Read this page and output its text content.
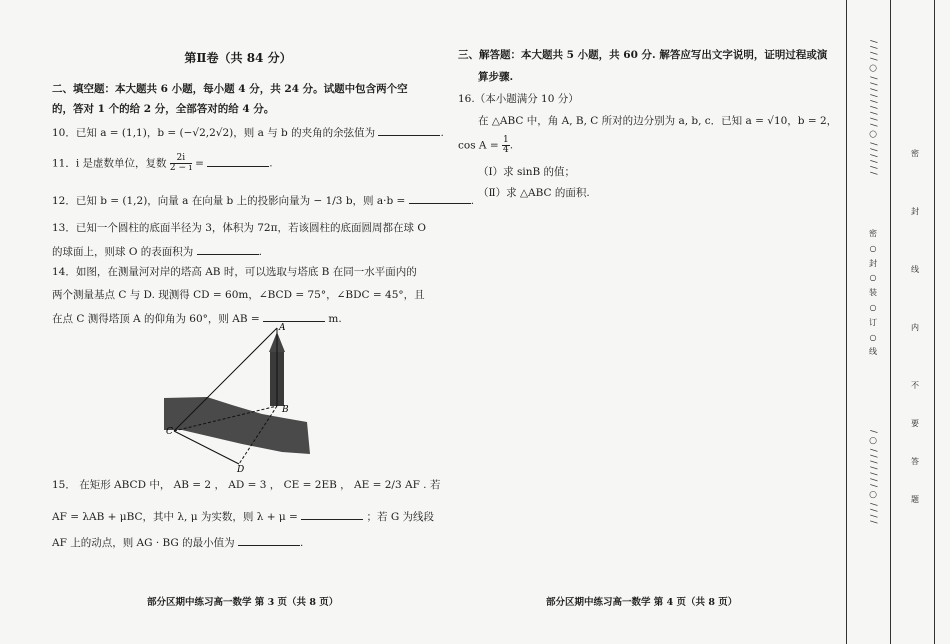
第Ⅱ卷（共 84 分）
二、填空题：本大题共 6 小题，每小题 4 分，共 24 分。试题中包含两个空的，答对 1 个的给 2 分，全部答对的给 4 分。
10．已知 a = (1,1)，b = (−√2,2√2)，则 a 与 b 的夹角的余弦值为	.
11．i 是虚数单位，复数 $\frac{2i}{2 - i}$ =	.
12．已知 b = (1,2)，向量 a 在向量 b 上的投影向量为 − 1/3 b，则 a·b =	.
13．已知一个圆柱的底面半径为 3，体积为 72π，若该圆柱的底面圆周都在球 O
的球面上，则球 O 的表面积为	.
14．如图，在测量河对岸的塔高 AB 时，可以选取与塔底 B 在同一水平面内的
两个测量基点 C 与 D. 现测得 CD = 60m，∠BCD = 75°，∠BDC = 45°，且
在点 C 测得塔顶 A 的仰角为 60°，则 AB =	m.
15． 在矩形 ABCD 中， AB = 2 ， AD = 3 ， CE = 2EB ， AE = 2/3 AF . 若
AF = λAB + μBC，其中 λ, μ 为实数，则 λ + μ =	；若 G 为线段
AF 上的动点，则 AG · BG 的最小值为	.
A
B
C
D
部分区期中练习高一数学 第 3 页（共 8 页）
三、解答题：本大题共 5 小题，共 60 分. 解答应写出文字说明，证明过程或演
算步骤.
16.（本小题满分 10 分）
在 △ABC 中，角 A, B, C 所对的边分别为 a, b, c．已知 a = √10，b = 2，
$\cos A = \frac{1}{4}$ .
（Ⅰ）求 sinB 的值；
（Ⅱ）求 △ABC 的面积.
部分区期中练习高一数学 第 4 页（共 8 页）
/ / / / ○ / / / / / / / / / ○ / / / / / /
/ ○ / / / / / / / ○ / / / /
密
封
线
内
不
密
○
封
○
装
○
订
○
线
要
答
题
